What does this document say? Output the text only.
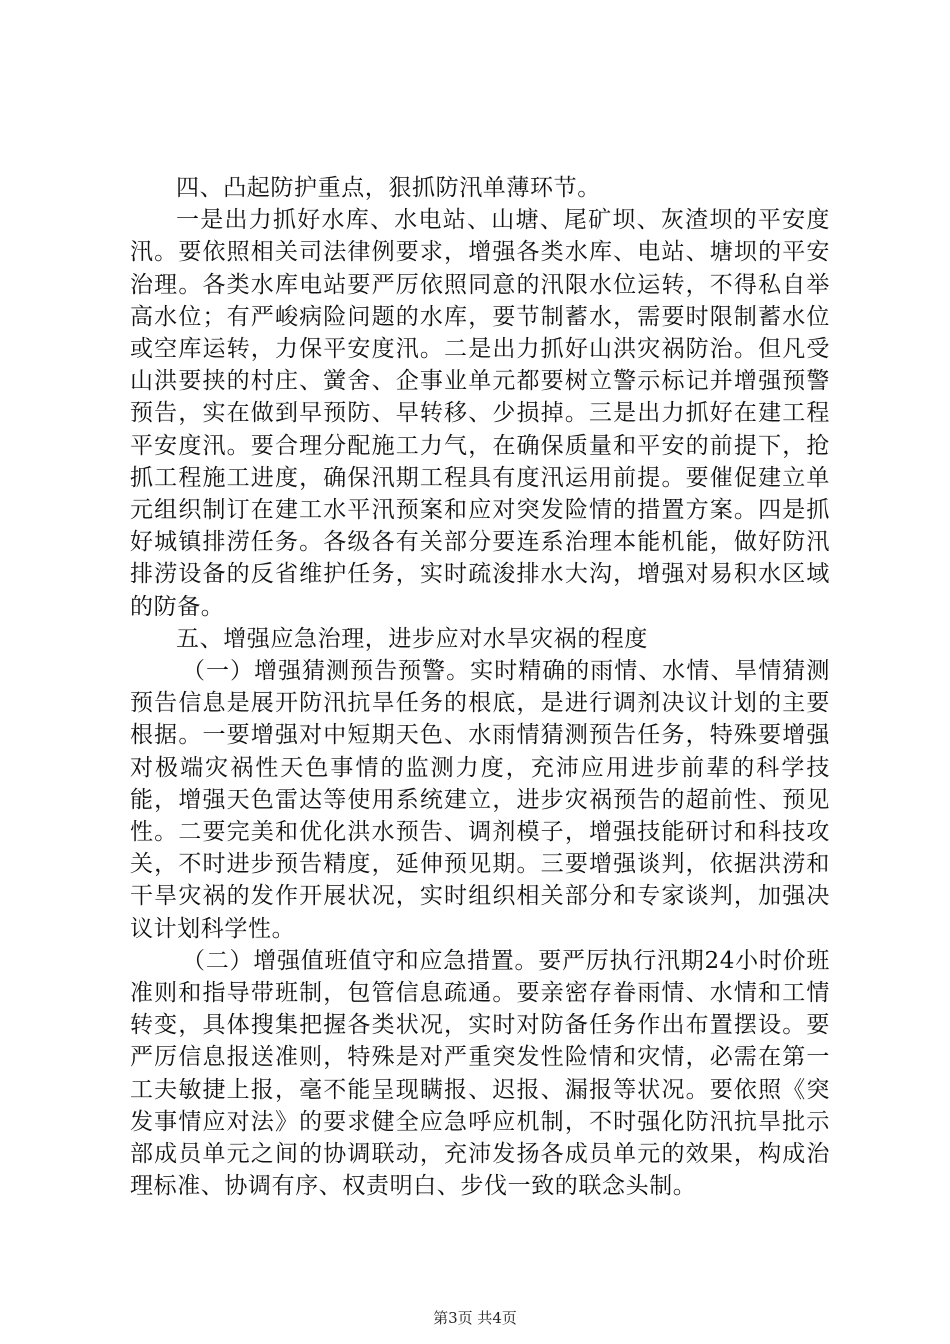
四、凸起防护重点，狠抓防汛单薄环节。

一是出力抓好水库、水电站、山塘、尾矿坝、灰渣坝的平安度汛。要依照相关司法律例要求，增强各类水库、电站、塘坝的平安治理。各类水库电站要严厉依照同意的汛限水位运转，不得私自举高水位；有严峻病险问题的水库，要节制蓄水，需要时限制蓄水位或空库运转，力保平安度汛。二是出力抓好山洪灾祸防治。但凡受山洪要挟的村庄、黉舍、企事业单元都要树立警示标记并增强预警预告，实在做到早预防、早转移、少损掉。三是出力抓好在建工程平安度汛。要合理分配施工力气，在确保质量和平安的前提下，抢抓工程施工进度，确保汛期工程具有度汛运用前提。要催促建立单元组织制订在建工水平汛预案和应对突发险情的措置方案。四是抓好城镇排涝任务。各级各有关部分要连系治理本能机能，做好防汛排涝设备的反省维护任务，实时疏浚排水大沟，增强对易积水区域的防备。

五、增强应急治理，进步应对水旱灾祸的程度

（一）增强猜测预告预警。实时精确的雨情、水情、旱情猜测预告信息是展开防汛抗旱任务的根底，是进行调剂决议计划的主要根据。一要增强对中短期天色、水雨情猜测预告任务，特殊要增强对极端灾祸性天色事情的监测力度，充沛应用进步前辈的科学技能，增强天色雷达等使用系统建立，进步灾祸预告的超前性、预见性。二要完美和优化洪水预告、调剂模子，增强技能研讨和科技攻关，不时进步预告精度，延伸预见期。三要增强谈判，依据洪涝和干旱灾祸的发作开展状况，实时组织相关部分和专家谈判，加强决议计划科学性。

（二）增强值班值守和应急措置。要严厉执行汛期24小时价班准则和指导带班制，包管信息疏通。要亲密存眷雨情、水情和工情转变，具体搜集把握各类状况，实时对防备任务作出布置摆设。要严厉信息报送准则，特殊是对严重突发性险情和灾情，必需在第一工夫敏捷上报，毫不能呈现瞒报、迟报、漏报等状况。要依照《突发事情应对法》的要求健全应急呼应机制，不时强化防汛抗旱批示部成员单元之间的协调联动，充沛发扬各成员单元的效果，构成治理标准、协调有序、权责明白、步伐一致的联念头制。

第3页 共4页
